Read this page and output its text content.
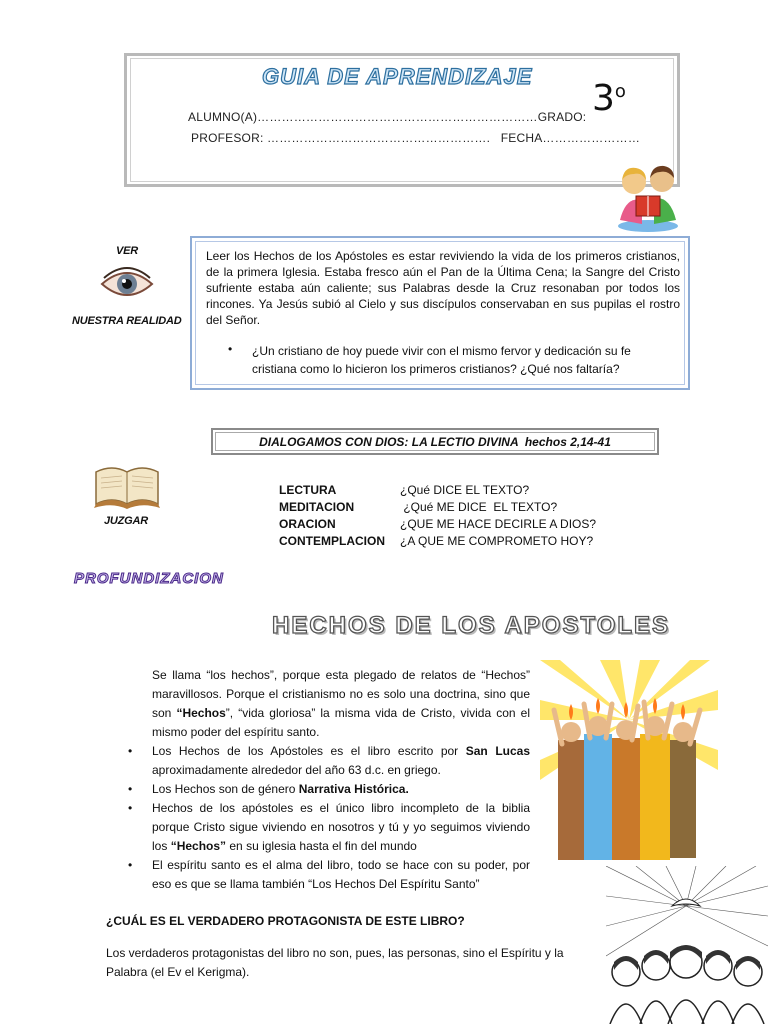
GUIA DE APRENDIZAJE
ALUMNO(A)……………………………………………………………GRADO:
PROFESOR: ……………………………………………….   FECHA……………………
3$^o$
VER
NUESTRA REALIDAD
Leer los Hechos de los Apóstoles es estar reviviendo la vida de los primeros cristianos, de la primera Iglesia. Estaba fresco aún el Pan de la Última Cena; la Sangre del Cristo sufriente estaba aún caliente; sus Palabras desde la Cruz resonaban por todos los rincones. Ya Jesús subió al Cielo y sus discípulos conservaban en sus pupilas el rostro del Señor.
• ¿Un cristiano de hoy puede vivir con el mismo fervor y dedicación su fe cristiana como lo hicieron los primeros cristianos? ¿Qué nos faltaría?
DIALOGAMOS CON DIOS: LA LECTIO DIVINA  hechos 2,14-41
JUZGAR
LECTURA	¿Qué DICE EL TEXTO?
MEDITACION	¿Qué ME DICE  EL TEXTO?
ORACION	¿QUE ME HACE DECIRLE A DIOS?
CONTEMPLACION ¿A QUE ME COMPROMETO HOY?
PROFUNDIZACION
HECHOS DE LOS APOSTOLES
Se llama “los hechos”, porque esta plegado de relatos de “Hechos” maravillosos. Porque el cristianismo no es solo una doctrina, sino que son “Hechos”, “vida gloriosa” la misma vida de Cristo, vivida con el mismo poder del espíritu santo.
• Los Hechos de los Apóstoles es el libro escrito por San Lucas aproximadamente alrededor del año 63 d.c. en griego.
• Los Hechos son de género Narrativa Histórica.
• Hechos de los apóstoles es el único libro incompleto de la biblia porque Cristo sigue viviendo en nosotros y tú y yo seguimos viviendo los “Hechos” en su iglesia hasta el fin del mundo
• El espíritu santo es el alma del libro, todo se hace con su poder, por eso es que se llama también “Los Hechos Del Espíritu Santo”
¿CUÁL ES EL VERDADERO PROTAGONISTA DE ESTE LIBRO?
Los verdaderos protagonistas del libro no son, pues, las personas, sino el Espíritu y la Palabra (el Ev el Kerigma).
